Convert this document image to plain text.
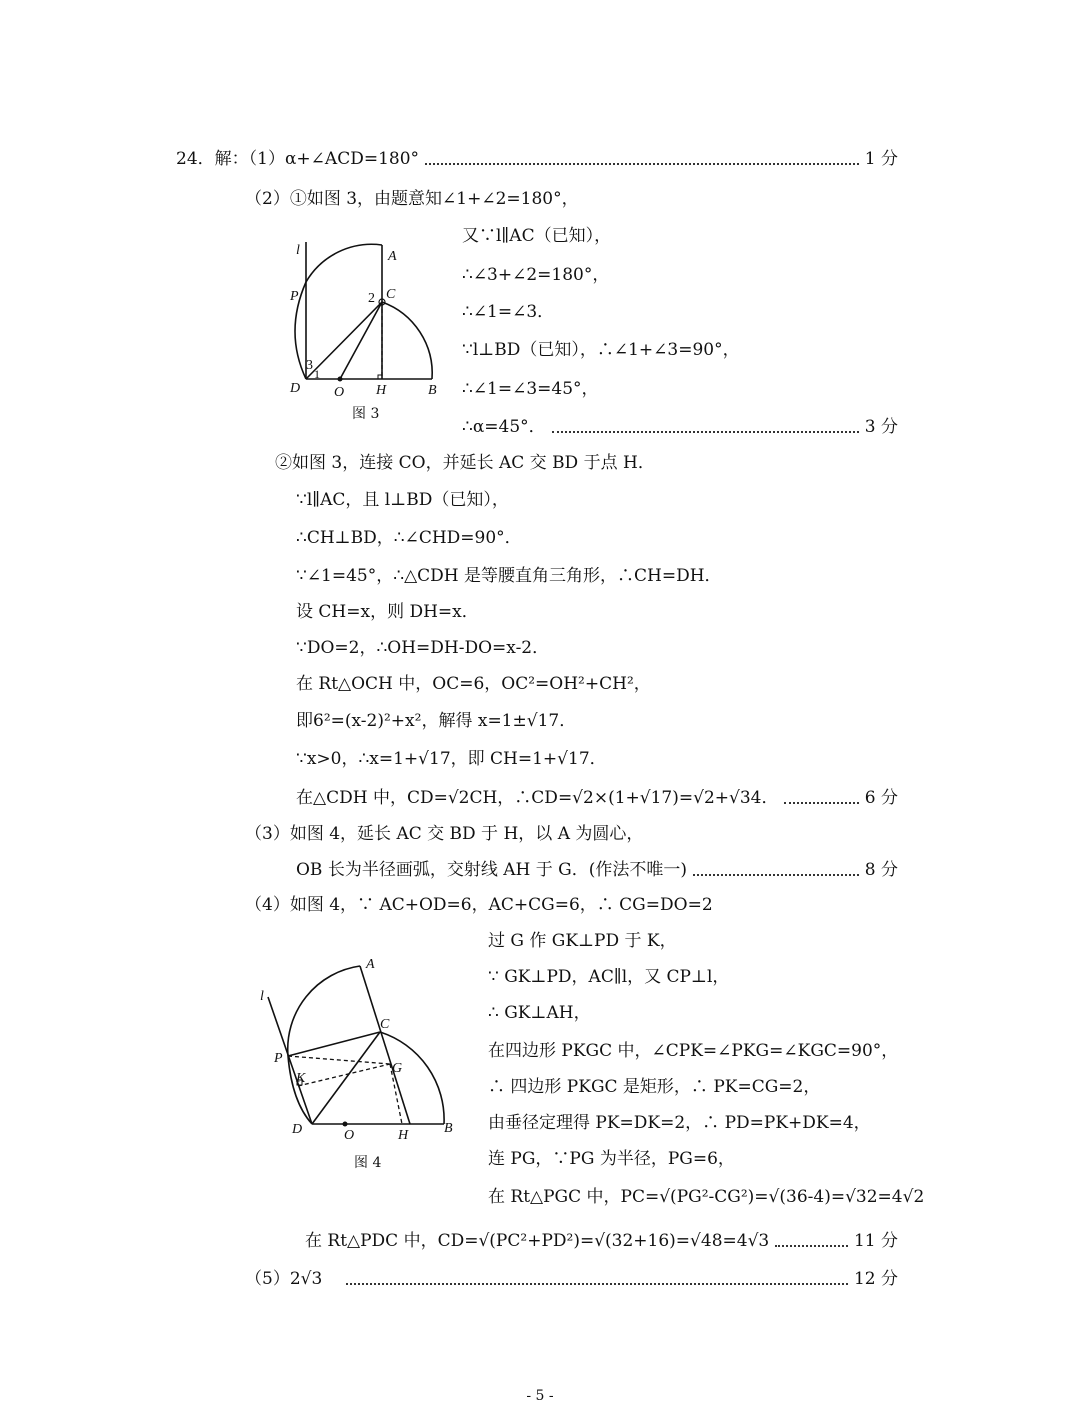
24．解：（1）α+∠ACD=180°	1 分
（2）①如图 3，由题意知∠1+∠2=180°，
l	A
P	2 C
3
1
D O H	B
图 3
又∵l∥AC（已知），
∴∠3+∠2=180°，
∴∠1=∠3．
∵l⊥BD（已知），∴∠1+∠3=90°，
∴∠1=∠3=45°，
∴α=45°．	3 分
②如图 3，连接 CO，并延长 AC 交 BD 于点 H．
∵l∥AC，且 l⊥BD（已知），
∴CH⊥BD，∴∠CHD=90°．
∵∠1=45°，∴△CDH 是等腰直角三角形，∴CH=DH．
设 CH=x，则 DH=x．
∵DO=2，∴OH=DH-DO=x-2．
在 Rt△OCH 中，OC=6，OC²=OH²+CH²，
即6²=(x-2)²+x²，解得 x=1±√17．
∵x>0，∴x=1+√17，即 CH=1+√17．
在△CDH 中，CD=√2CH，∴CD=√2×(1+√17)=√2+√34．	6 分
（3）如图 4，延长 AC 交 BD 于 H，以 A 为圆心，
OB 长为半径画弧，交射线 AH 于 G．(作法不唯一)	8 分
（4）如图 4，∵ AC+OD=6，AC+CG=6，∴ CG=DO=2
l
A
C
P
G
K
D	O	H	B
图 4
过 G 作 GK⊥PD 于 K，
∵ GK⊥PD，AC∥l，又 CP⊥l，
∴ GK⊥AH，
在四边形 PKGC 中，∠CPK=∠PKG=∠KGC=90°，
∴ 四边形 PKGC 是矩形，∴ PK=CG=2，
由垂径定理得 PK=DK=2，∴ PD=PK+DK=4，
连 PG，∵PG 为半径，PG=6，
在 Rt△PGC 中，PC=√(PG²-CG²)=√(36-4)=√32=4√2
在 Rt△PDC 中，CD=√(PC²+PD²)=√(32+16)=√48=4√3	11 分
（5）2√3	12 分
- 5 -
